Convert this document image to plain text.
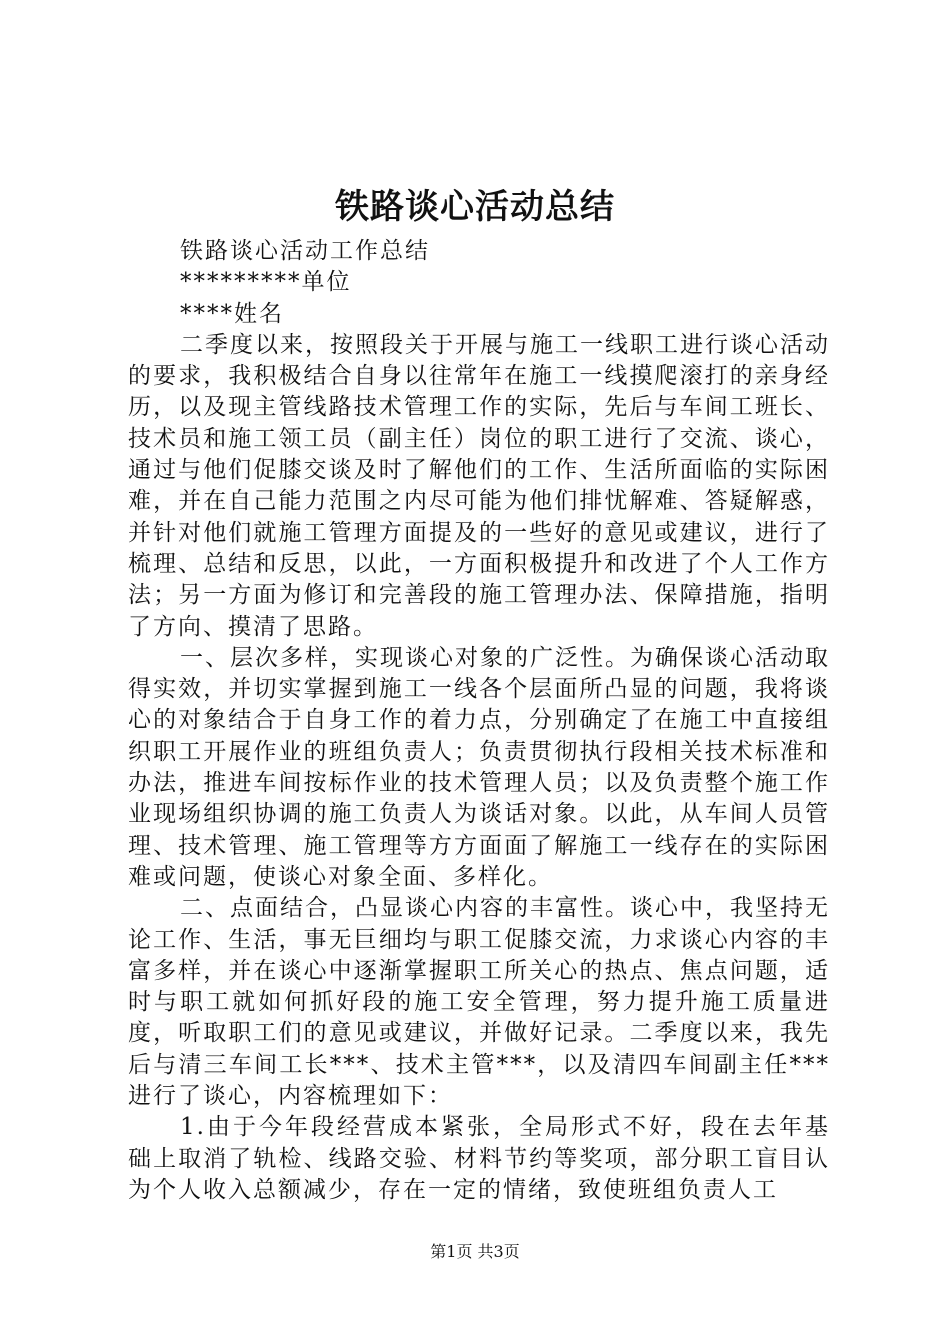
铁路谈心活动总结

铁路谈心活动工作总结

*********单位

****姓名

二季度以来，按照段关于开展与施工一线职工进行谈心活动的要求，我积极结合自身以往常年在施工一线摸爬滚打的亲身经历，以及现主管线路技术管理工作的实际，先后与车间工班长、技术员和施工领工员（副主任）岗位的职工进行了交流、谈心，通过与他们促膝交谈及时了解他们的工作、生活所面临的实际困难，并在自己能力范围之内尽可能为他们排忧解难、答疑解惑，并针对他们就施工管理方面提及的一些好的意见或建议，进行了梳理、总结和反思，以此，一方面积极提升和改进了个人工作方法；另一方面为修订和完善段的施工管理办法、保障措施，指明了方向、摸清了思路。

一、层次多样，实现谈心对象的广泛性。为确保谈心活动取得实效，并切实掌握到施工一线各个层面所凸显的问题，我将谈心的对象结合于自身工作的着力点，分别确定了在施工中直接组织职工开展作业的班组负责人；负责贯彻执行段相关技术标准和办法，推进车间按标作业的技术管理人员；以及负责整个施工作业现场组织协调的施工负责人为谈话对象。以此，从车间人员管理、技术管理、施工管理等方方面面了解施工一线存在的实际困难或问题，使谈心对象全面、多样化。

二、点面结合，凸显谈心内容的丰富性。谈心中，我坚持无论工作、生活，事无巨细均与职工促膝交流，力求谈心内容的丰富多样，并在谈心中逐渐掌握职工所关心的热点、焦点问题，适时与职工就如何抓好段的施工安全管理，努力提升施工质量进度，听取职工们的意见或建议，并做好记录。二季度以来，我先后与清三车间工长***、技术主管***，以及清四车间副主任***进行了谈心，内容梳理如下：

1.由于今年段经营成本紧张，全局形式不好，段在去年基础上取消了轨检、线路交验、材料节约等奖项，部分职工盲目认为个人收入总额减少，存在一定的情绪，致使班组负责人工

第1页 共3页
